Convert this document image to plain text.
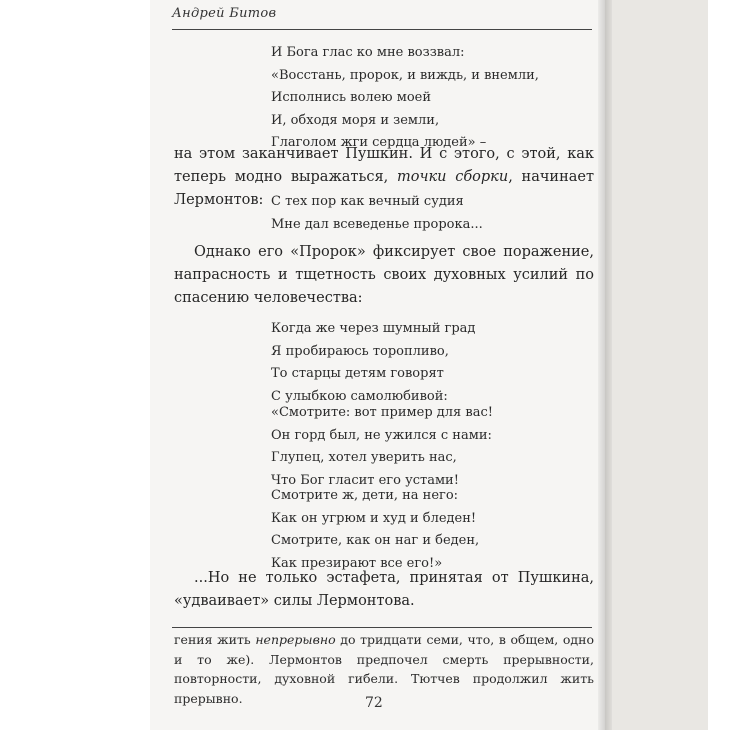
Андрей Битов
И Бога глас ко мне воззвал:
«Восстань, пророк, и виждь, и внемли,
Исполнись волею моей
И, обходя моря и земли,
Глаголом жги сердца людей» –
на этом заканчивает Пушкин. И с этого, с этой, как теперь модно выражаться, точки сборки, начинает Лермонтов: С тех пор как вечный судия
Мне дал всеведенье пророка...
Однако его «Пророк» фиксирует свое поражение, напрасность и тщетность своих духовных усилий по спасению человечества:
Когда же через шумный град
Я пробираюсь торопливо,
То старцы детям говорят
С улыбкою самолюбивой:
«Смотрите: вот пример для вас!
Он горд был, не ужился с нами:
Глупец, хотел уверить нас,
Что Бог гласит его устами!
Смотрите ж, дети, на него:
Как он угрюм и худ и бледен!
Смотрите, как он наг и беден,
Как презирают все его!»
...Но не только эстафета, принятая от Пушкина, «удваивает» силы Лермонтова.
гения жить непрерывно до тридцати семи, что, в общем, одно и то же). Лермонтов предпочел смерть прерывности, повторности, духовной гибели. Тютчев продолжил жить прерывно.	72
